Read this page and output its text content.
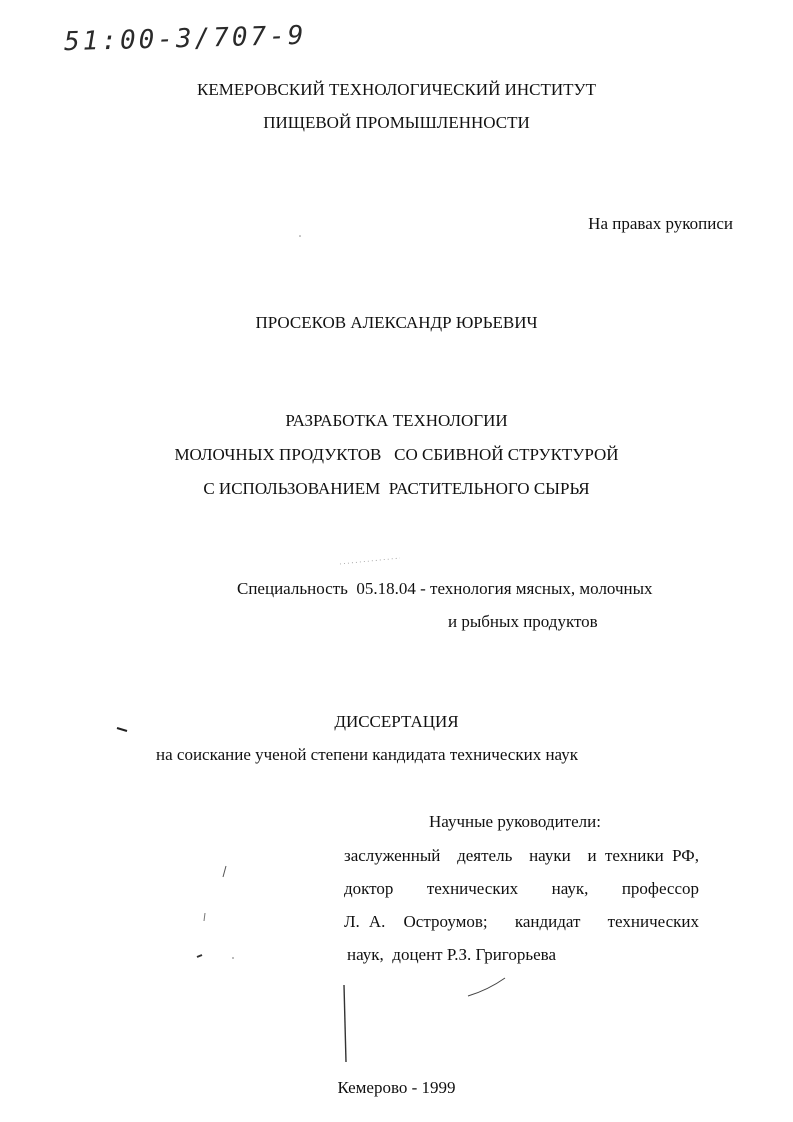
51:00-3/707-9
КЕМЕРОВСКИЙ ТЕХНОЛОГИЧЕСКИЙ ИНСТИТУТ
ПИЩЕВОЙ ПРОМЫШЛЕННОСТИ
На правах рукописи
ПРОСЕКОВ АЛЕКСАНДР ЮРЬЕВИЧ
РАЗРАБОТКА ТЕХНОЛОГИИ
МОЛОЧНЫХ ПРОДУКТОВ   СО СБИВНОЙ СТРУКТУРОЙ
С ИСПОЛЬЗОВАНИЕМ  РАСТИТЕЛЬНОГО СЫРЬЯ
Специальность  05.18.04 - технология мясных, молочных
и рыбных продуктов
ДИССЕРТАЦИЯ
на соискание ученой степени кандидата технических наук
Научные руководители:
заслуженный  деятель  науки  и техники РФ,
доктор   технических   наук,   профессор
Л. А.  Остроумов;   кандидат   технических
наук,  доцент Р.З. Григорьева
Кемерово - 1999
